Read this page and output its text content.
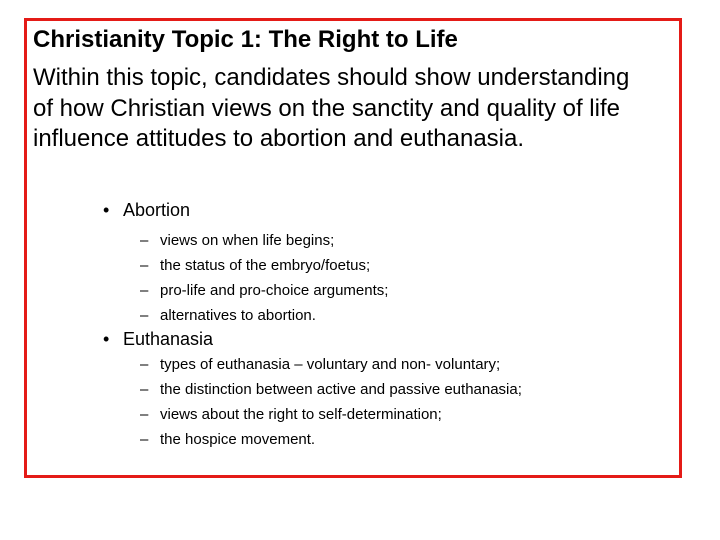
Christianity Topic 1: The Right to Life
Within this topic, candidates should show understanding of how Christian views on the sanctity and quality of life influence attitudes to abortion and euthanasia.
• Abortion
– views on when life begins;
– the status of the embryo/foetus;
– pro-life and pro-choice arguments;
– alternatives to abortion.
• Euthanasia
– types of euthanasia – voluntary and non- voluntary;
– the distinction between active and passive euthanasia;
– views about the right to self-determination;
– the hospice movement.
